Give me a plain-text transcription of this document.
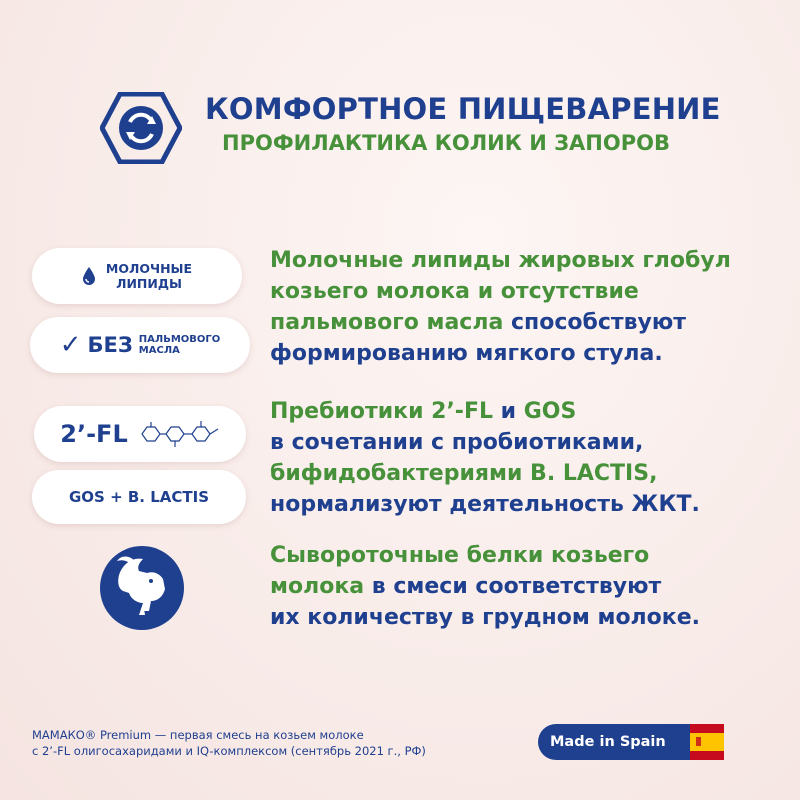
КОМФОРТНОЕ ПИЩЕВАРЕНИЕ
ПРОФИЛАКТИКА КОЛИК И ЗАПОРОВ
МОЛОЧНЫЕ
ЛИПИДЫ
✓ БЕЗ ПАЛЬМОВОГО
МАСЛА
2’-FL
GOS + B. LACTIS
Молочные липиды жировых глобул
козьего молока и отсутствие
пальмового масла способствуют
формированию мягкого стула.
Пребиотики 2’-FL и GOS
в сочетании с пробиотиками,
бифидобактериями B. LACTIS,
нормализуют деятельность ЖКТ.
Сывороточные белки козьего
молока в смеси соответствуют
их количеству в грудном молоке.
МАМАКО® Premium — первая смесь на козьем молоке
с 2’-FL олигосахаридами и IQ-комплексом (сентябрь 2021 г., РФ)
Made in Spain
